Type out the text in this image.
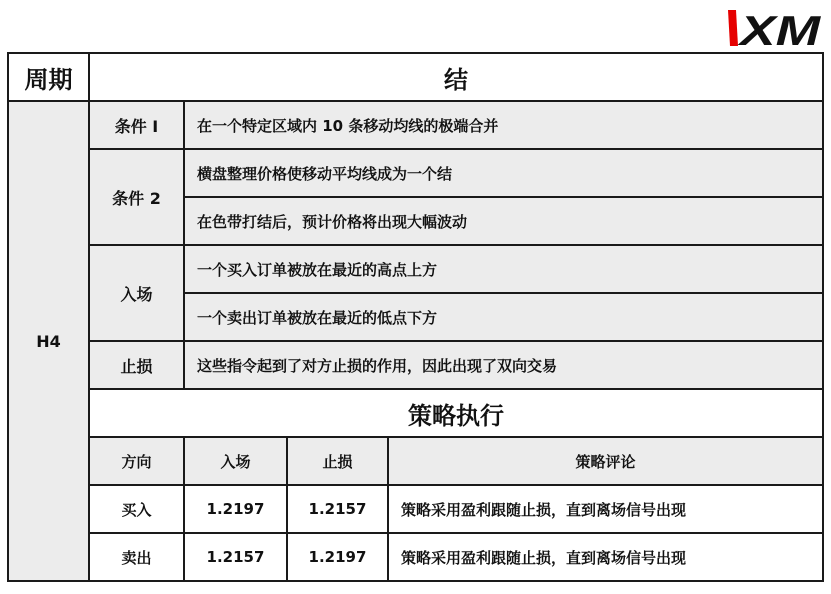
XM
周期	结			
H4	条件 I	在一个特定区域内 10 条移动均线的极端合并		
	条件 2	横盘整理价格使移动平均线成为一个结		
		在色带打结后，预计价格将出现大幅波动		
	入场	一个买入订单被放在最近的高点上方		
		一个卖出订单被放在最近的低点下方		
	止损	这些指令起到了对方止损的作用，因此出现了双向交易		
	策略执行			
	方向	入场	止损	策略评论
	买入	1.2197	1.2157	策略采用盈利跟随止损，直到离场信号出现
	卖出	1.2157	1.2197	策略采用盈利跟随止损，直到离场信号出现
